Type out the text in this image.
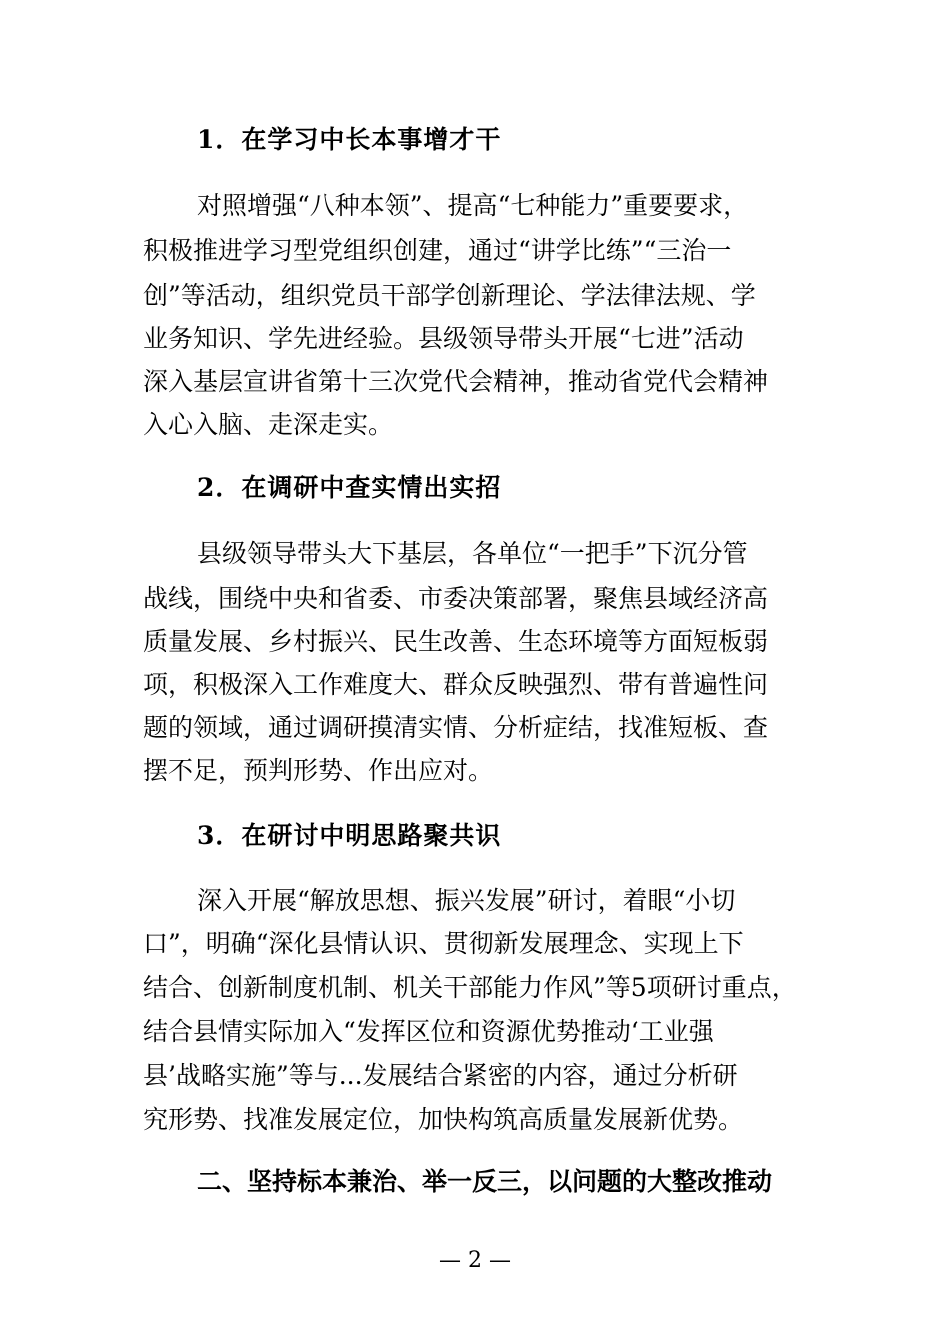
1．在学习中长本事增才干
对照增强“八种本领”、提高“七种能力”重要要求，
积极推进学习型党组织创建，通过“讲学比练”“三治一
创”等活动，组织党员干部学创新理论、学法律法规、学
业务知识、学先进经验。县级领导带头开展“七进”活动
深入基层宣讲省第十三次党代会精神，推动省党代会精神
入心入脑、走深走实。
2．在调研中查实情出实招
县级领导带头大下基层，各单位“一把手”下沉分管
战线，围绕中央和省委、市委决策部署，聚焦县域经济高
质量发展、乡村振兴、民生改善、生态环境等方面短板弱
项，积极深入工作难度大、群众反映强烈、带有普遍性问
题的领域，通过调研摸清实情、分析症结，找准短板、查
摆不足，预判形势、作出应对。
3．在研讨中明思路聚共识
深入开展“解放思想、振兴发展”研讨，着眼“小切
口”，明确“深化县情认识、贯彻新发展理念、实现上下
结合、创新制度机制、机关干部能力作风”等5项研讨重点，
结合县情实际加入“发挥区位和资源优势推动‘工业强
县’战略实施”等与...发展结合紧密的内容，通过分析研
究形势、找准发展定位，加快构筑高质量发展新优势。
二、坚持标本兼治、举一反三，以问题的大整改推动
— 2 —
